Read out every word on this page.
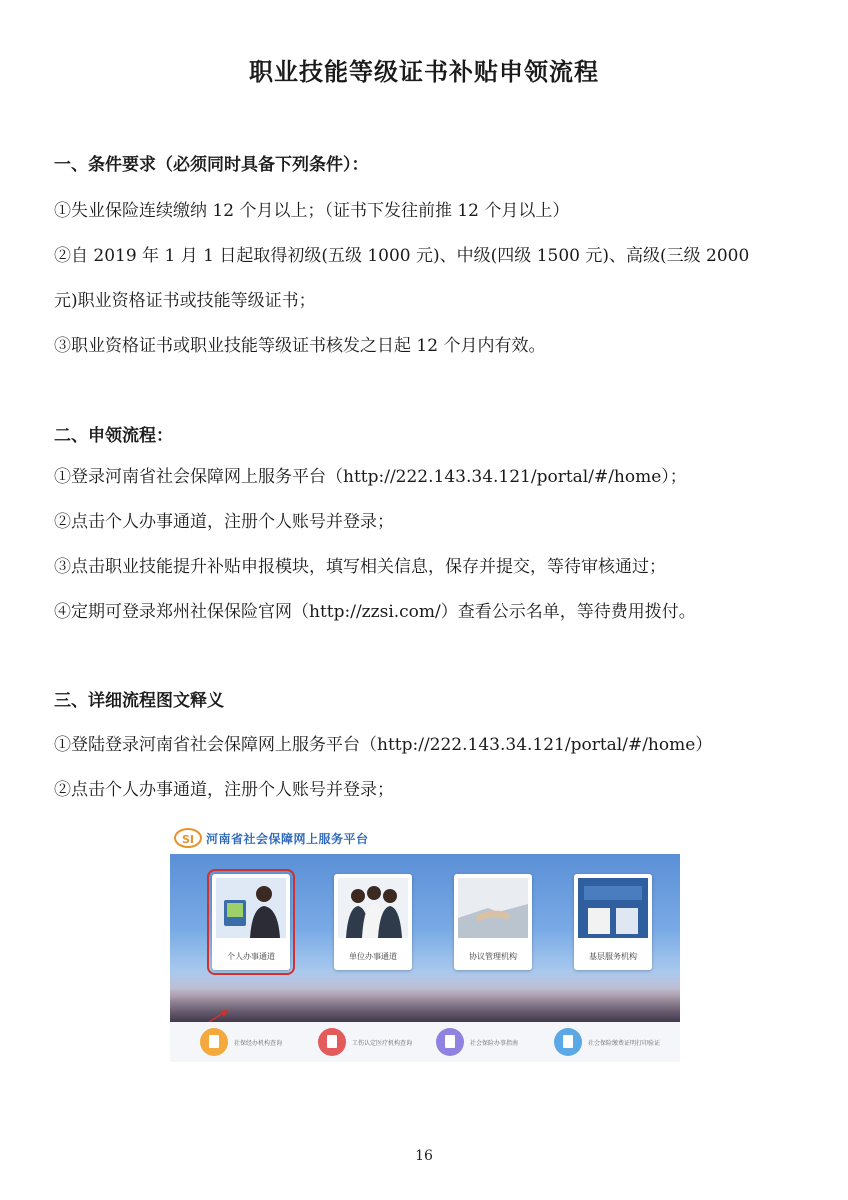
职业技能等级证书补贴申领流程
一、条件要求（必须同时具备下列条件）：
①失业保险连续缴纳 12 个月以上；（证书下发往前推 12 个月以上）
②自 2019 年 1 月 1 日起取得初级(五级 1000 元)、中级(四级 1500 元)、高级(三级 2000
元)职业资格证书或技能等级证书；
③职业资格证书或职业技能等级证书核发之日起 12 个月内有效。
二、申领流程：
①登录河南省社会保障网上服务平台（http://222.143.34.121/portal/#/home）；
②点击个人办事通道，注册个人账号并登录；
③点击职业技能提升补贴申报模块，填写相关信息，保存并提交，等待审核通过；
④定期可登录郑州社保保险官网（http://zzsi.com/）查看公示名单，等待费用拨付。
三、详细流程图文释义
①登陆登录河南省社会保障网上服务平台（http://222.143.34.121/portal/#/home）
②点击个人办事通道，注册个人账号并登录；
SI	河南省社会保障网上服务平台
个人办事通道	单位办事通道	协议管理机构	基层服务机构
社保经办机构查询	工伤认定医疗机构查询	社会保险办事指南	社会保险缴费证明打印验证
16
